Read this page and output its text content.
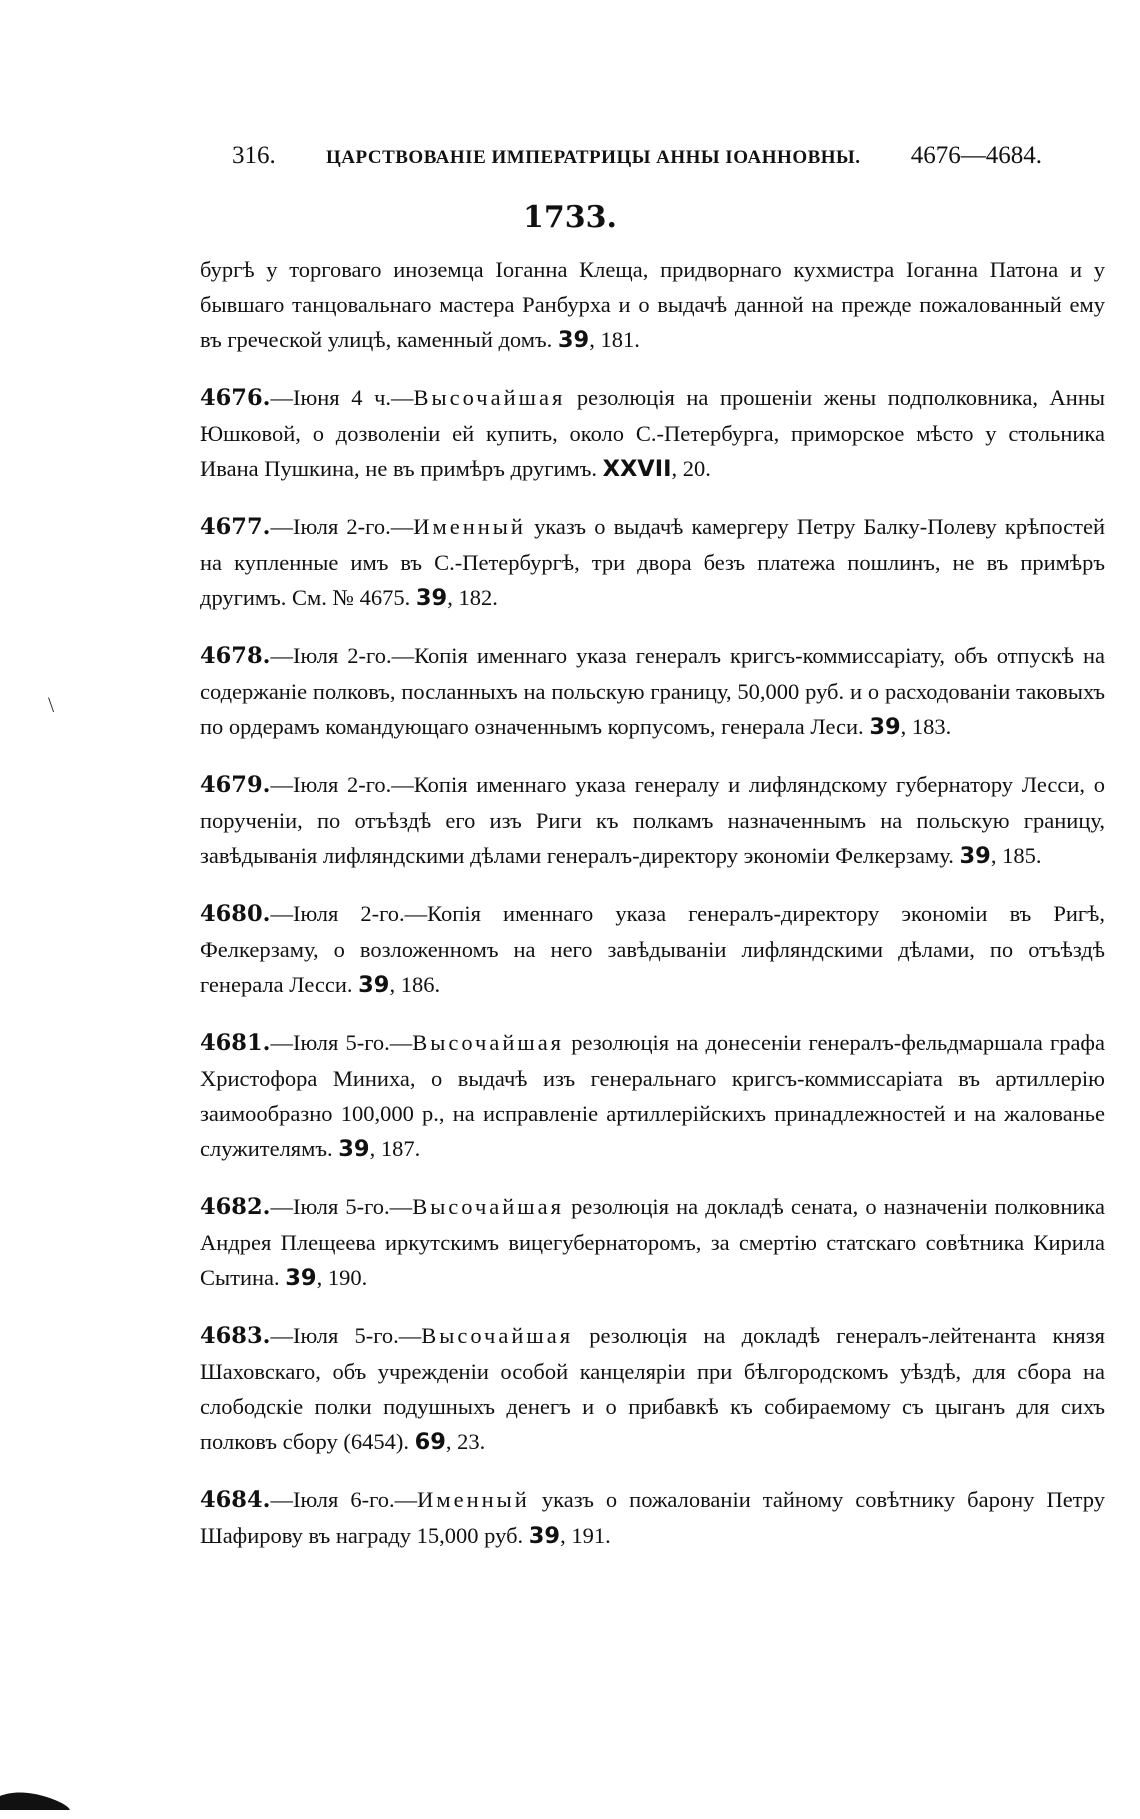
316.	ЦАРСТВОВАНІЕ ИМПЕРАТРИЦЫ АННЫ ІОАННОВНЫ. 4676—4684.
1733.
\

бургѣ у торговаго иноземца Іоганна Клеща, придворнаго кухмистра Іоганна Патона и у бывшаго танцовальнаго мастера Ранбурха и о выдачѣ данной на прежде пожалованный ему въ греческой улицѣ, каменный домъ. 39, 181.

4676.—Іюня 4 ч.—Высочайшая резолюція на прошеніи жены подполковника, Анны Юшковой, о дозволеніи ей купить, около С.-Петербурга, приморское мѣсто у стольника Ивана Пушкина, не въ примѣръ другимъ. XXVII, 20.

4677.—Іюля 2-го.—Именный указъ о выдачѣ камергеру Петру Балку-Полеву крѣпостей на купленные имъ въ С.-Петербургѣ, три двора безъ платежа пошлинъ, не въ примѣръ другимъ. См. № 4675. 39, 182.

4678.—Іюля 2-го.—Копія именнаго указа генералъ кригсъ-коммиссаріату, объ отпускѣ на содержаніе полковъ, посланныхъ на польскую границу, 50,000 руб. и о расходованіи таковыхъ по ордерамъ командующаго означеннымъ корпусомъ, генерала Леси. 39, 183.

4679.—Іюля 2-го.—Копія именнаго указа генералу и лифляндскому губернатору Лесси, о порученіи, по отъѣздѣ его изъ Риги къ полкамъ назначеннымъ на польскую границу, завѣдыванія лифляндскими дѣлами генералъ-директору экономіи Фелкерзаму. 39, 185.

4680.—Іюля 2-го.—Копія именнаго указа генералъ-директору экономіи въ Ригѣ, Фелкерзаму, о возложенномъ на него завѣдываніи лифляндскими дѣлами, по отъѣздѣ генерала Лесси. 39, 186.

4681.—Іюля 5-го.—Высочайшая резолюція на донесеніи генералъ-фельдмаршала графа Христофора Миниха, о выдачѣ изъ генеральнаго кригсъ-коммиссаріата въ артиллерію заимообразно 100,000 р., на исправленіе артиллерійскихъ принадлежностей и на жалованье служителямъ. 39, 187.

4682.—Іюля 5-го.—Высочайшая резолюція на докладѣ сената, о назначеніи полковника Андрея Плещеева иркутскимъ вицегубернаторомъ, за смертію статскаго совѣтника Кирила Сытина. 39, 190.

4683.—Іюля 5-го.—Высочайшая резолюція на докладѣ генералъ-лейтенанта князя Шаховскаго, объ учрежденіи особой канцеляріи при бѣлгородскомъ уѣздѣ, для сбора на слободскіе полки подушныхъ денегъ и о прибавкѣ къ собираемому съ цыганъ для сихъ полковъ сбору (6454). 69, 23.

4684.—Іюля 6-го.—Именный указъ о пожалованіи тайному совѣтнику барону Петру Шафирову въ награду 15,000 руб. 39, 191.
